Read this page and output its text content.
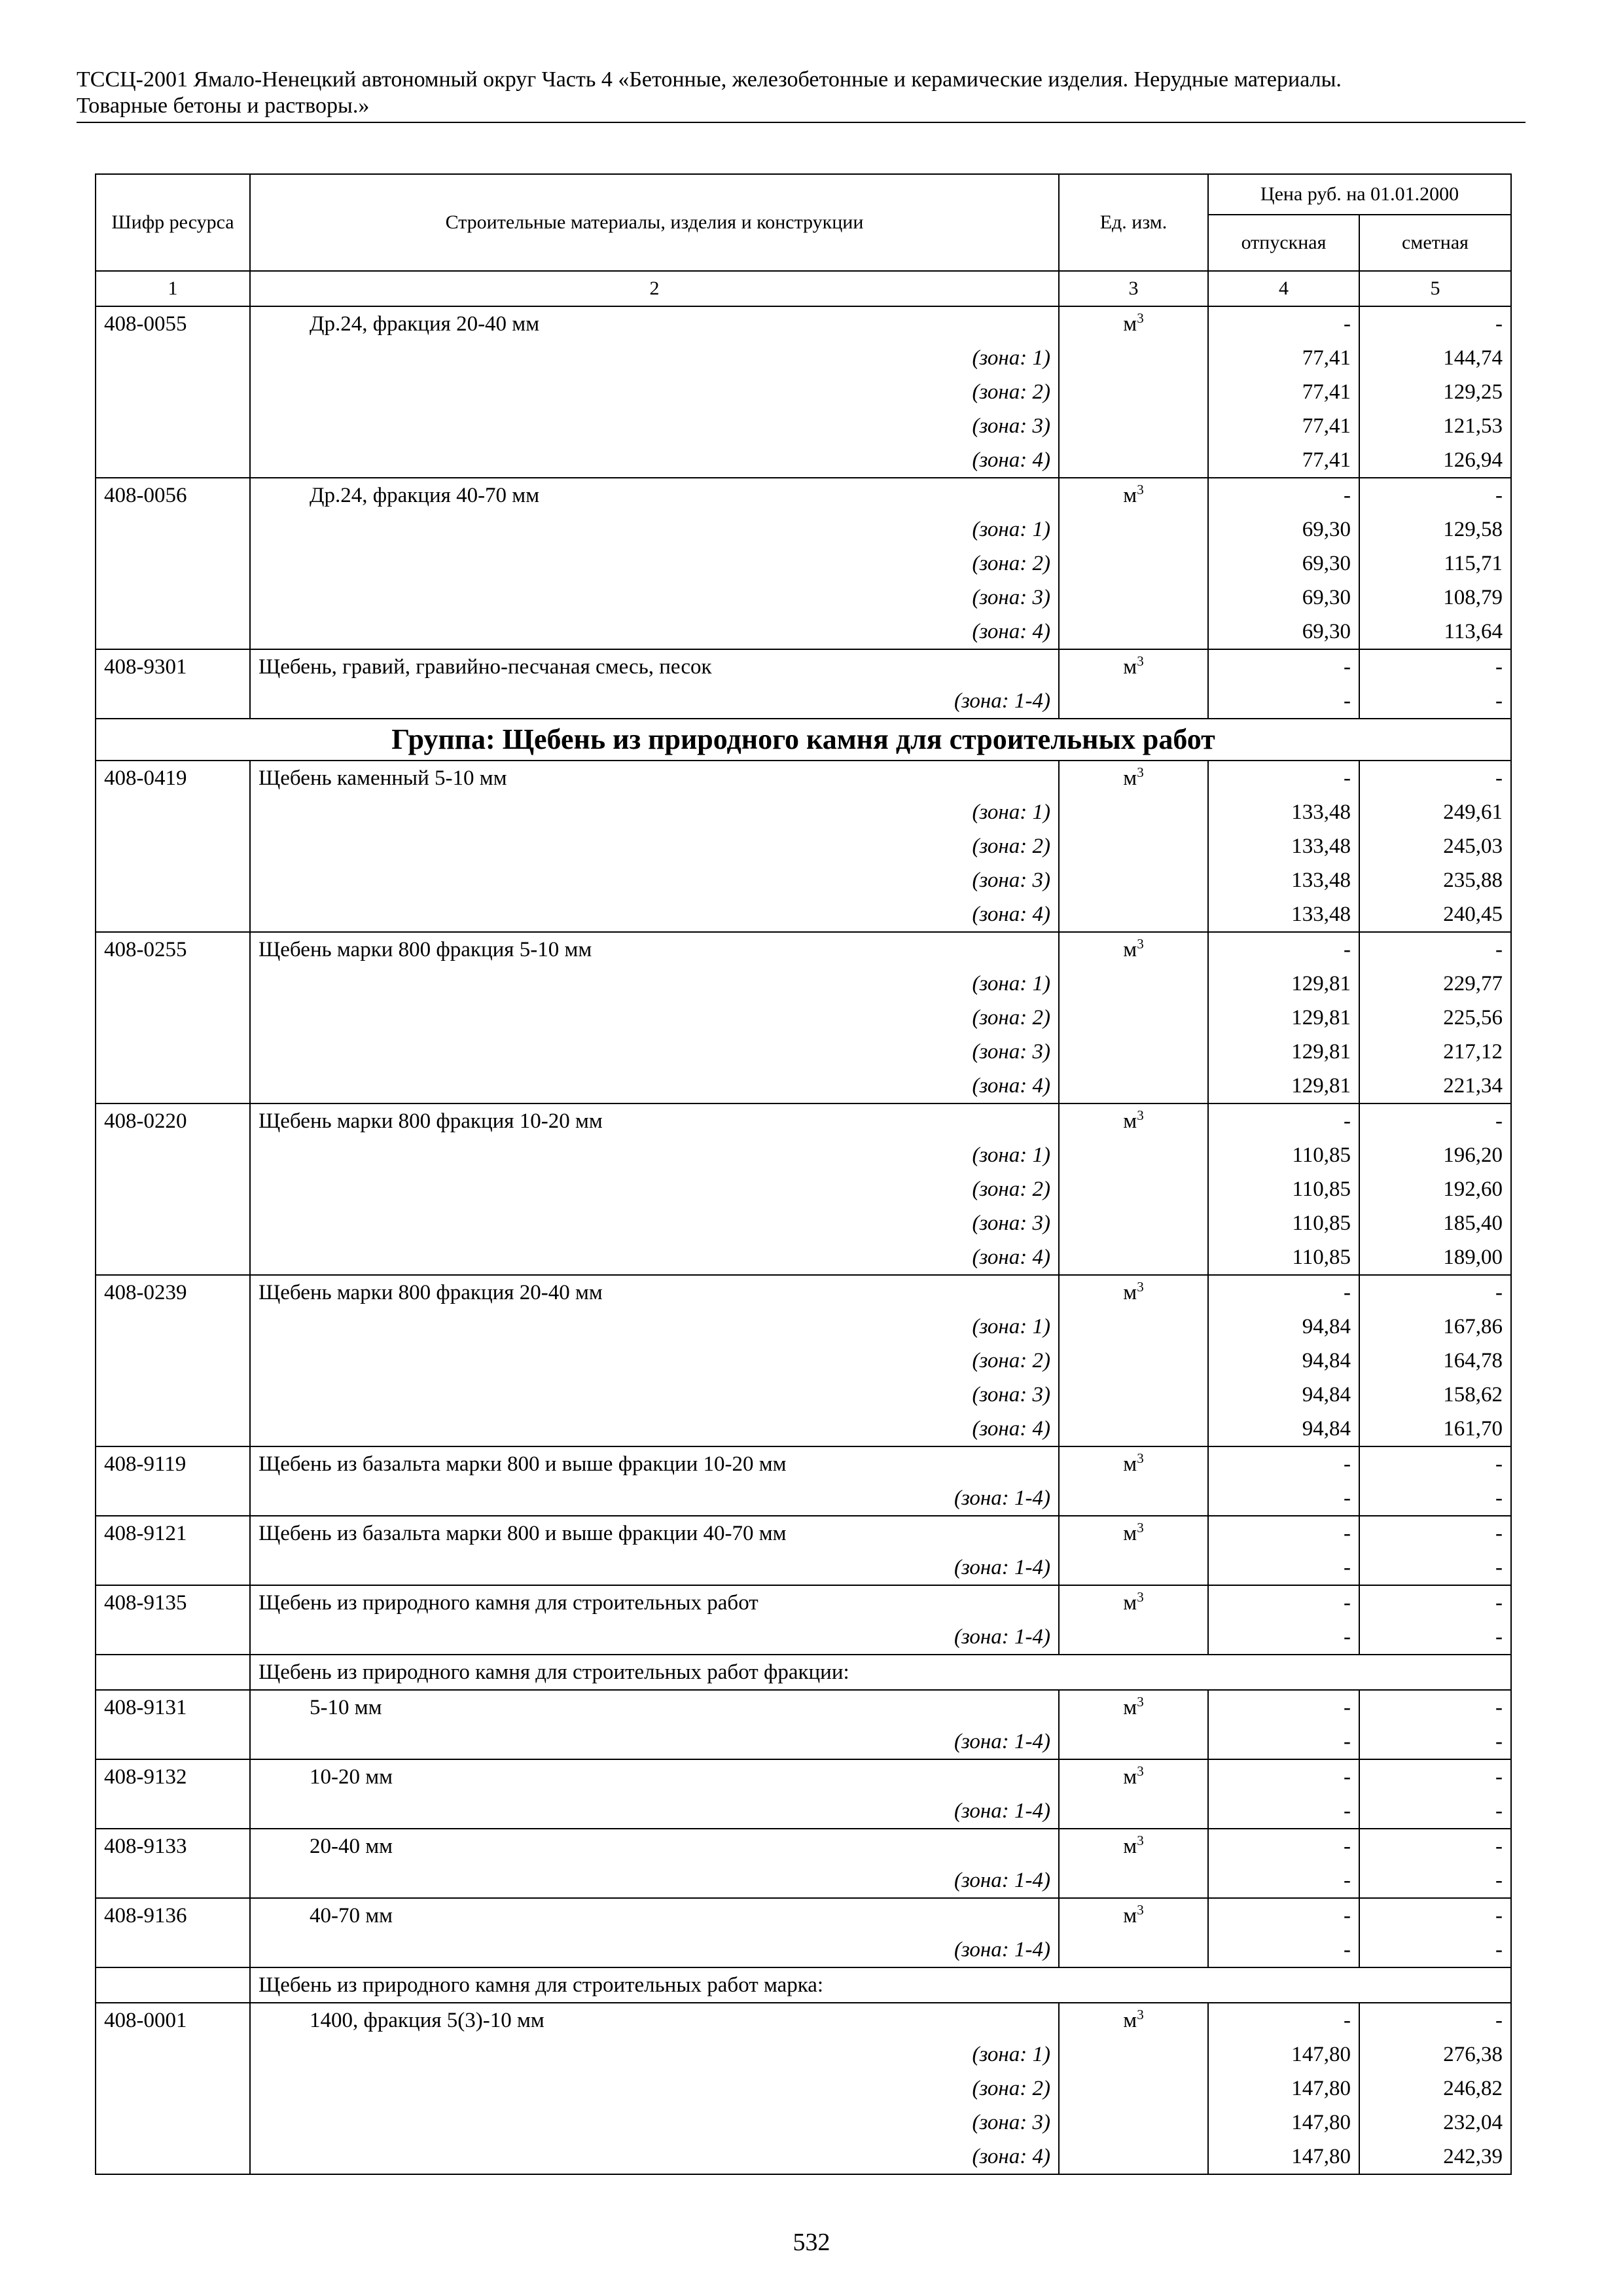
ТССЦ-2001 Ямало-Ненецкий автономный округ Часть 4 «Бетонные, железобетонные и керамические изделия. Нерудные материалы.
Товарные бетоны и растворы.»
Шифр ресурса	Строительные материалы, изделия и конструкции	Ед. изм.	Цена руб. на 01.01.2000	
			отпускная	сметная
1	2	3	4	5
408-0055	Др.24, фракция 20-40 мм	$м^3$	-	-
	(зона: 1)		77,41	144,74
	(зона: 2)		77,41	129,25
	(зона: 3)		77,41	121,53
	(зона: 4)		77,41	126,94
408-0056	Др.24, фракция 40-70 мм	$м^3$	-	-
	(зона: 1)		69,30	129,58
	(зона: 2)		69,30	115,71
	(зона: 3)		69,30	108,79
	(зона: 4)		69,30	113,64
408-9301	Щебень, гравий, гравийно-песчаная смесь, песок	$м^3$	-	-
	(зона: 1-4)		-	-
Группа: Щебень из природного камня для строительных работ				
408-0419	Щебень каменный 5-10 мм	$м^3$	-	-
	(зона: 1)		133,48	249,61
	(зона: 2)		133,48	245,03
	(зона: 3)		133,48	235,88
	(зона: 4)		133,48	240,45
408-0255	Щебень марки 800 фракция 5-10 мм	$м^3$	-	-
	(зона: 1)		129,81	229,77
	(зона: 2)		129,81	225,56
	(зона: 3)		129,81	217,12
	(зона: 4)		129,81	221,34
408-0220	Щебень марки 800 фракция 10-20 мм	$м^3$	-	-
	(зона: 1)		110,85	196,20
	(зона: 2)		110,85	192,60
	(зона: 3)		110,85	185,40
	(зона: 4)		110,85	189,00
408-0239	Щебень марки 800 фракция 20-40 мм	$м^3$	-	-
	(зона: 1)		94,84	167,86
	(зона: 2)		94,84	164,78
	(зона: 3)		94,84	158,62
	(зона: 4)		94,84	161,70
408-9119	Щебень из базальта марки 800 и выше фракции 10-20 мм	$м^3$	-	-
	(зона: 1-4)		-	-
408-9121	Щебень из базальта марки 800 и выше фракции 40-70 мм	$м^3$	-	-
	(зона: 1-4)		-	-
408-9135	Щебень из природного камня для строительных работ	$м^3$	-	-
	(зона: 1-4)		-	-
	Щебень из природного камня для строительных работ фракции:			
408-9131	5-10 мм	$м^3$	-	-
	(зона: 1-4)		-	-
408-9132	10-20 мм	$м^3$	-	-
	(зона: 1-4)		-	-
408-9133	20-40 мм	$м^3$	-	-
	(зона: 1-4)		-	-
408-9136	40-70 мм	$м^3$	-	-
	(зона: 1-4)		-	-
	Щебень из природного камня для строительных работ марка:			
408-0001	1400, фракция 5(3)-10 мм	$м^3$	-	-
	(зона: 1)		147,80	276,38
	(зона: 2)		147,80	246,82
	(зона: 3)		147,80	232,04
	(зона: 4)		147,80	242,39
532
